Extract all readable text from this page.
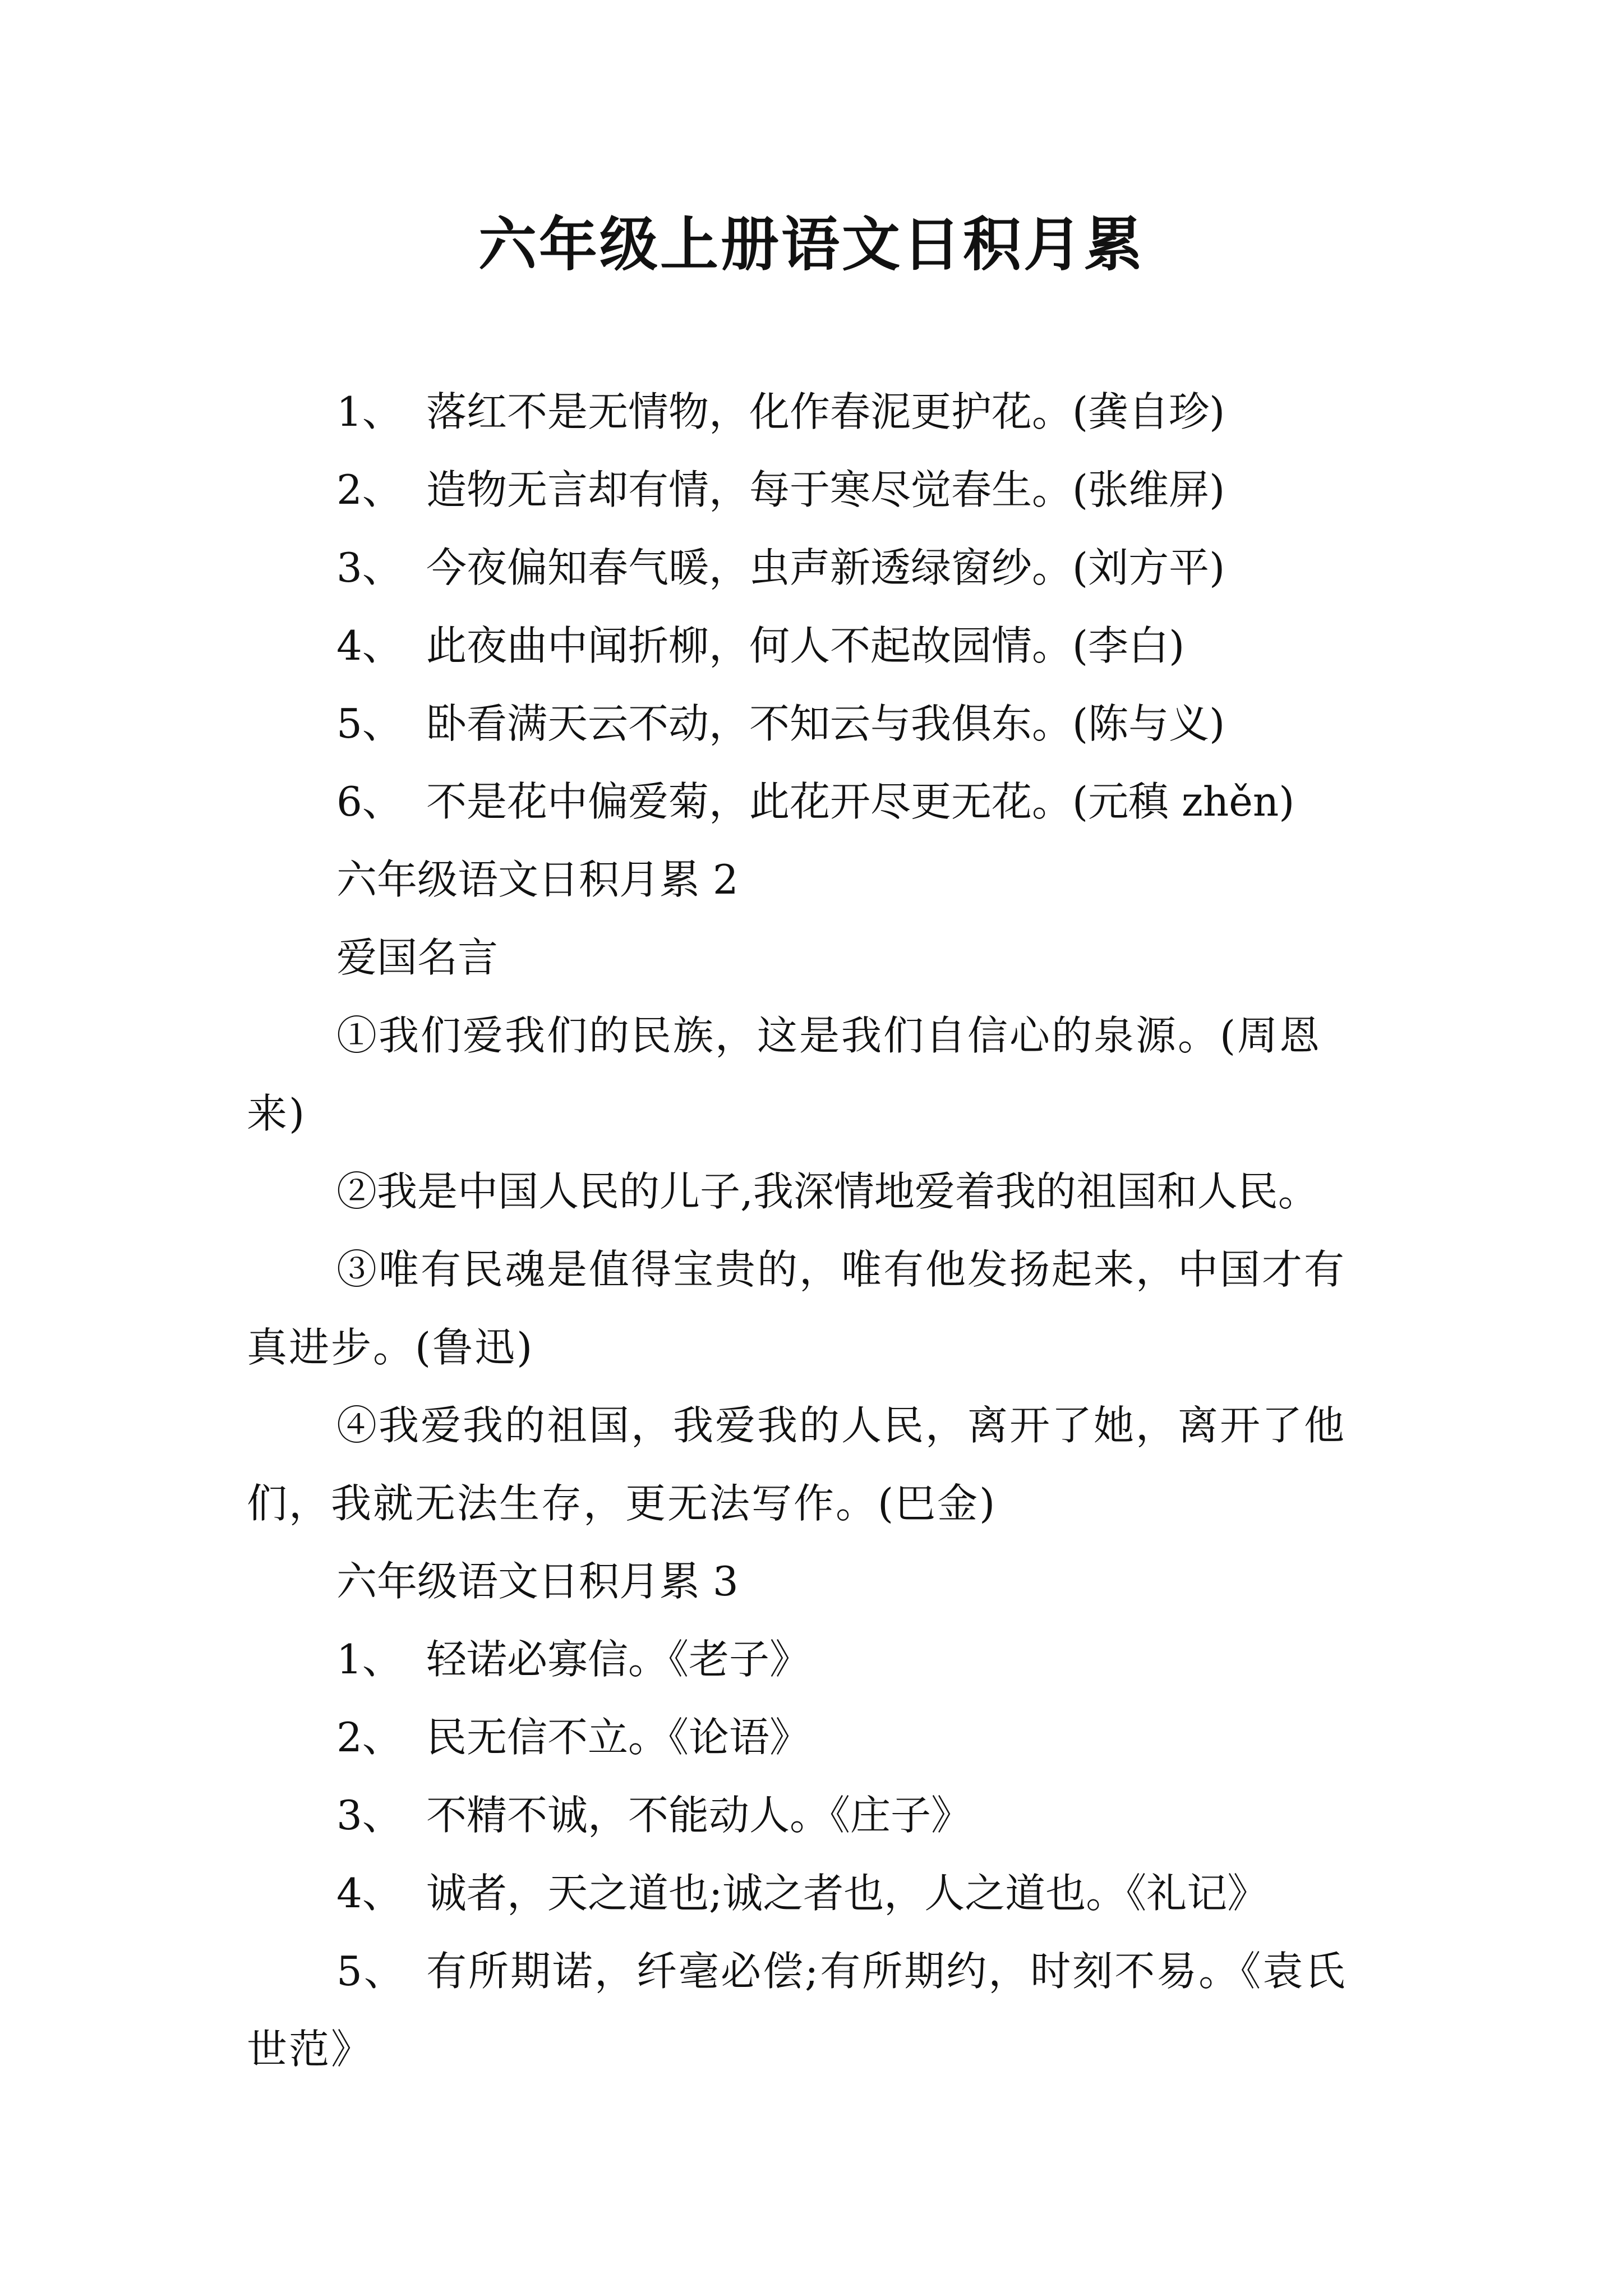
六年级上册语文日积月累
1、 落红不是无情物，化作春泥更护花。(龚自珍)
2、 造物无言却有情，每于寒尽觉春生。(张维屏)
3、 今夜偏知春气暖，虫声新透绿窗纱。(刘方平)
4、 此夜曲中闻折柳，何人不起故园情。(李白)
5、 卧看满天云不动，不知云与我俱东。(陈与义)
6、 不是花中偏爱菊，此花开尽更无花。(元稹 zhěn)
六年级语文日积月累 2
爱国名言
①我们爱我们的民族，这是我们自信心的泉源。(周恩来)
②我是中国人民的儿子,我深情地爱着我的祖国和人民。
③唯有民魂是值得宝贵的，唯有他发扬起来，中国才有真进步。(鲁迅)
④我爱我的祖国，我爱我的人民，离开了她，离开了他们，我就无法生存，更无法写作。(巴金)
六年级语文日积月累 3
1、 轻诺必寡信。《老子》
2、 民无信不立。《论语》
3、 不精不诚，不能动人。《庄子》
4、 诚者，天之道也;诚之者也，人之道也。《礼记》
5、 有所期诺，纤毫必偿;有所期约，时刻不易。《袁氏世范》
